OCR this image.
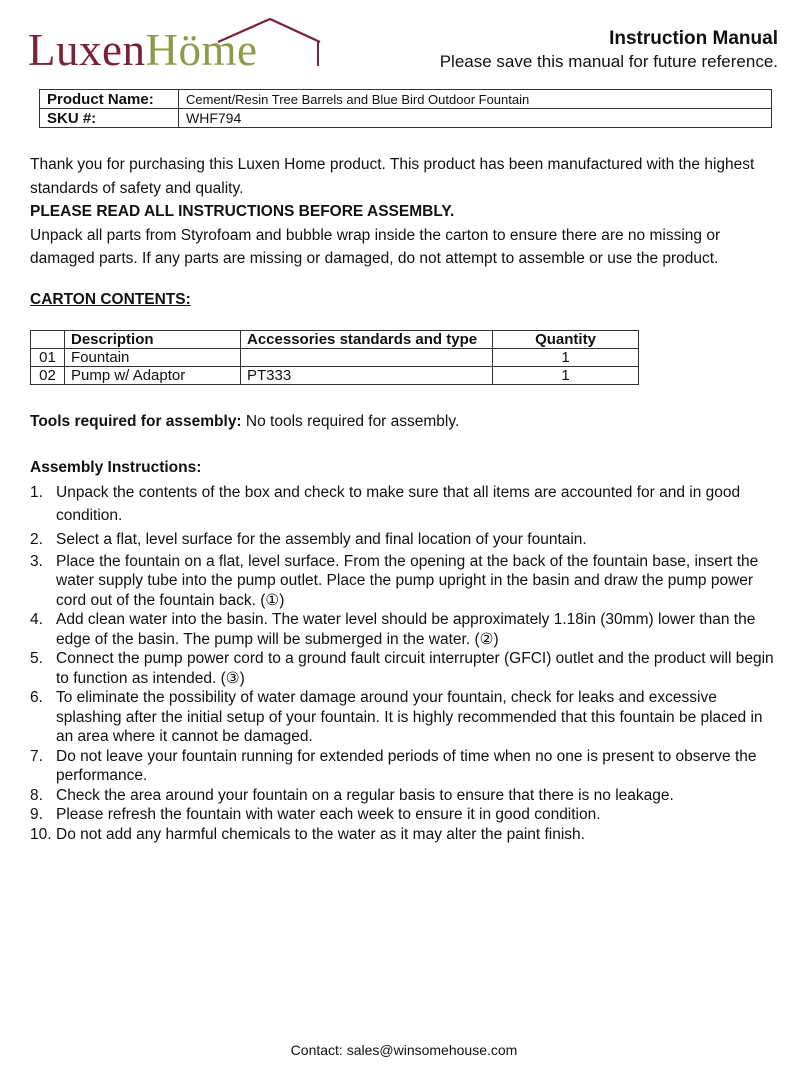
LuxenHöme	Instruction Manual
Please save this manual for future reference.
Product Name:	Cement/Resin Tree Barrels and Blue Bird Outdoor Fountain
SKU #:	WHF794
Thank you for purchasing this Luxen Home product. This product has been manufactured with the highest standards of safety and quality.
PLEASE READ ALL INSTRUCTIONS BEFORE ASSEMBLY.
Unpack all parts from Styrofoam and bubble wrap inside the carton to ensure there are no missing or damaged parts. If any parts are missing or damaged, do not attempt to assemble or use the product.
CARTON CONTENTS:
	Description	Accessories standards and type	Quantity
01	Fountain		1
02	Pump w/ Adaptor	PT333	1
Tools required for assembly: No tools required for assembly.
Assembly Instructions:
1. Unpack the contents of the box and check to make sure that all items are accounted for and in good condition.
2. Select a flat, level surface for the assembly and final location of your fountain.
3. Place the fountain on a flat, level surface. From the opening at the back of the fountain base, insert the water supply tube into the pump outlet. Place the pump upright in the basin and draw the pump power cord out of the fountain back. (①)
4. Add clean water into the basin. The water level should be approximately 1.18in (30mm) lower than the edge of the basin. The pump will be submerged in the water. (②)
5. Connect the pump power cord to a ground fault circuit interrupter (GFCI) outlet and the product will begin to function as intended. (③)
6. To eliminate the possibility of water damage around your fountain, check for leaks and excessive splashing after the initial setup of your fountain. It is highly recommended that this fountain be placed in an area where it cannot be damaged.
7. Do not leave your fountain running for extended periods of time when no one is present to observe the performance.
8. Check the area around your fountain on a regular basis to ensure that there is no leakage.
9. Please refresh the fountain with water each week to ensure it in good condition.
10. Do not add any harmful chemicals to the water as it may alter the paint finish.
Contact: sales@winsomehouse.com
